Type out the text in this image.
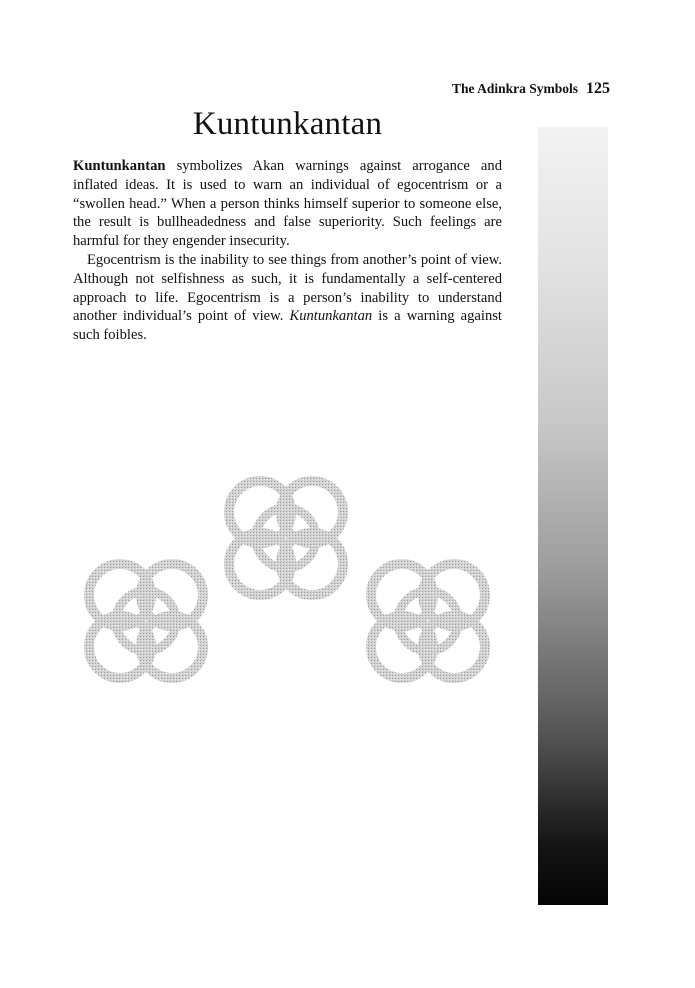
The Adinkra Symbols 125
Kuntunkantan

Kuntunkantan symbolizes Akan warnings against arrogance and inflated ideas. It is used to warn an individual of egocentrism or a “swollen head.” When a person thinks himself superior to someone else, the result is bullheadedness and false superiority. Such feelings are harmful for they engender insecurity.

Egocentrism is the inability to see things from another’s point of view. Although not selfishness as such, it is fundamentally a self-centered approach to life. Egocentrism is a person’s inability to understand another individual’s point of view. Kuntunkantan is a warning against such foibles.
